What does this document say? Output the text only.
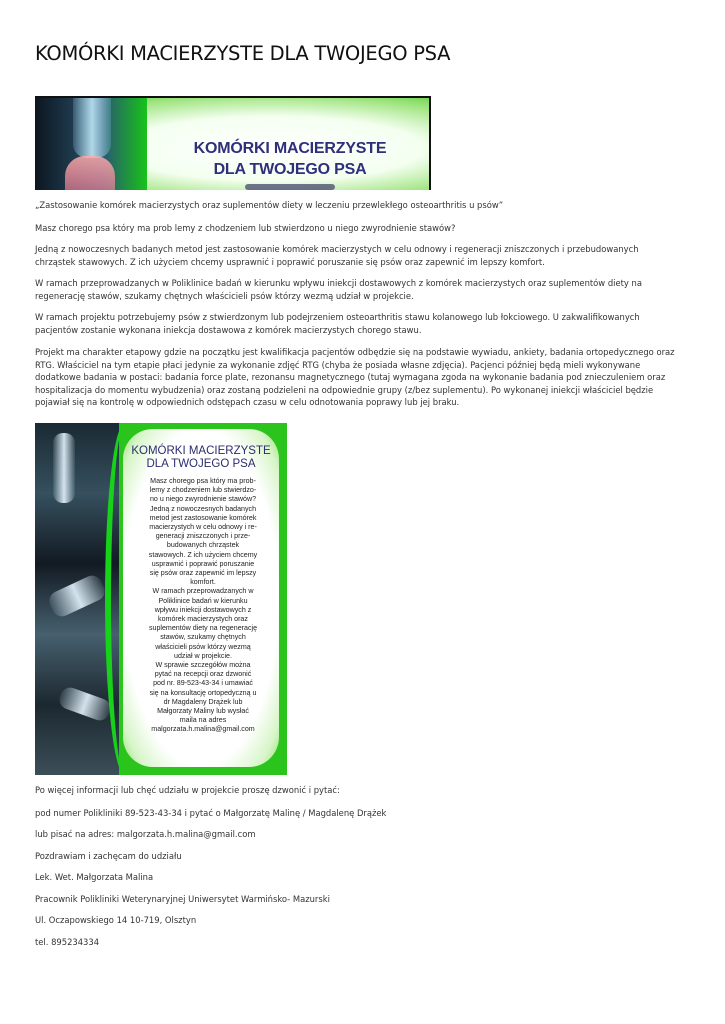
KOMÓRKI MACIERZYSTE DLA TWOJEGO PSA
KOMÓRKI MACIERZYSTE
DLA TWOJEGO PSA

„Zastosowanie komórek macierzystych oraz suplementów diety w leczeniu przewlekłego osteoarthritis u psów”

Masz chorego psa który ma prob lemy z chodzeniem lub stwierdzono u niego zwyrodnienie stawów?

Jedną z nowoczesnych badanych metod jest zastosowanie komórek macierzystych w celu odnowy i regeneracji zniszczonych i przebudowanych chrząstek stawowych. Z ich użyciem chcemy usprawnić i poprawić poruszanie się psów oraz zapewnić im lepszy komfort.

W ramach przeprowadzanych w Poliklinice badań w kierunku wpływu iniekcji dostawowych z komórek macierzystych oraz suplementów diety na regenerację stawów, szukamy chętnych właścicieli psów którzy wezmą udział w projekcie.

W ramach projektu potrzebujemy psów z stwierdzonym lub podejrzeniem osteoarthritis stawu kolanowego lub łokciowego. U zakwalifikowanych pacjentów zostanie wykonana iniekcja dostawowa z komórek macierzystych chorego stawu.

Projekt ma charakter etapowy gdzie na początku jest kwalifikacja pacjentów odbędzie się na podstawie wywiadu, ankiety, badania ortopedycznego oraz RTG. Właściciel na tym etapie płaci jedynie za wykonanie zdjęć RTG (chyba że posiada własne zdjęcia). Pacjenci później będą mieli wykonywane dodatkowe badania w postaci: badania force plate, rezonansu magnetycznego (tutaj wymagana zgoda na wykonanie badania pod znieczuleniem oraz hospitalizacja do momentu wybudzenia) oraz zostaną podzieleni na odpowiednie grupy (z/bez suplementu). Po wykonanej iniekcji właściciel będzie pojawiał się na kontrolę w odpowiednich odstępach czasu w celu odnotowania poprawy lub jej braku.

KOMÓRKI MACIERZYSTE
DLA TWOJEGO PSA
Masz chorego psa który ma prob-
lemy z chodzeniem lub stwierdzo-
no u niego zwyrodnienie stawów?
Jedną z nowoczesnych badanych
metod jest zastosowanie komórek
macierzystych w celu odnowy i re-
generacji zniszczonych i prze-
budowanych chrząstek
stawowych. Z ich użyciem chcemy
usprawnić i poprawić poruszanie
się psów oraz zapewnić im lepszy
komfort.
W ramach przeprowadzanych w
Poliklinice badań w kierunku
wpływu iniekcji dostawowych z
komórek macierzystych oraz
suplementów diety na regenerację
stawów, szukamy chętnych
właścicieli psów którzy wezmą
udział w projekcie.
W sprawie szczegółów można
pytać na recepcji oraz dzwonić
pod nr. 89-523-43-34 i umawiać
się na konsultację ortopedyczną u
dr Magdaleny Drążek lub
Małgorzaty Maliny lub wysłać
maila na adres
malgorzata.h.malina@gmail.com
Po więcej informacji lub chęć udziału w projekcie proszę dzwonić i pytać:
pod numer Polikliniki 89-523-43-34 i pytać o Małgorzatę Malinę / Magdalenę Drążek
lub pisać na adres: malgorzata.h.malina@gmail.com
Pozdrawiam i zachęcam do udziału
Lek. Wet. Małgorzata Malina
Pracownik Polikliniki Weterynaryjnej Uniwersytet Warmińsko- Mazurski
Ul. Oczapowskiego 14 10-719, Olsztyn
tel. 895234334
